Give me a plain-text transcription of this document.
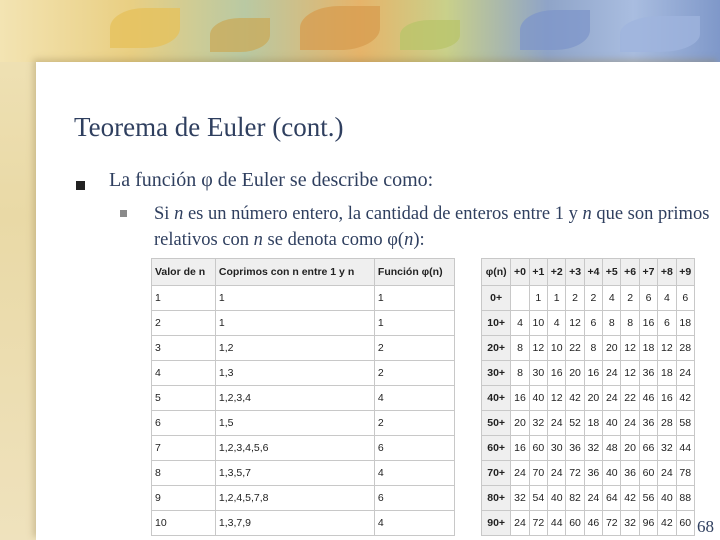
Teorema de Euler (cont.)
La función φ de Euler se describe como:
Si n es un número entero, la cantidad de enteros entre 1 y n que son primos relativos con n se denota como φ(n):
Valor de n	Coprimos con n entre 1 y n	Función φ(n)
1	1	1
2	1	1
3	1,2	2
4	1,3	2
5	1,2,3,4	4
6	1,5	2
7	1,2,3,4,5,6	6
8	1,3,5,7	4
9	1,2,4,5,7,8	6
10	1,3,7,9	4
φ(n)	+0	+1	+2	+3	+4	+5	+6	+7	+8	+9
0+		1	1	2	2	4	2	6	4	6
10+	4	10	4	12	6	8	8	16	6	18
20+	8	12	10	22	8	20	12	18	12	28
30+	8	30	16	20	16	24	12	36	18	24
40+	16	40	12	42	20	24	22	46	16	42
50+	20	32	24	52	18	40	24	36	28	58
60+	16	60	30	36	32	48	20	66	32	44
70+	24	70	24	72	36	40	36	60	24	78
80+	32	54	40	82	24	64	42	56	40	88
90+	24	72	44	60	46	72	32	96	42	60 68
